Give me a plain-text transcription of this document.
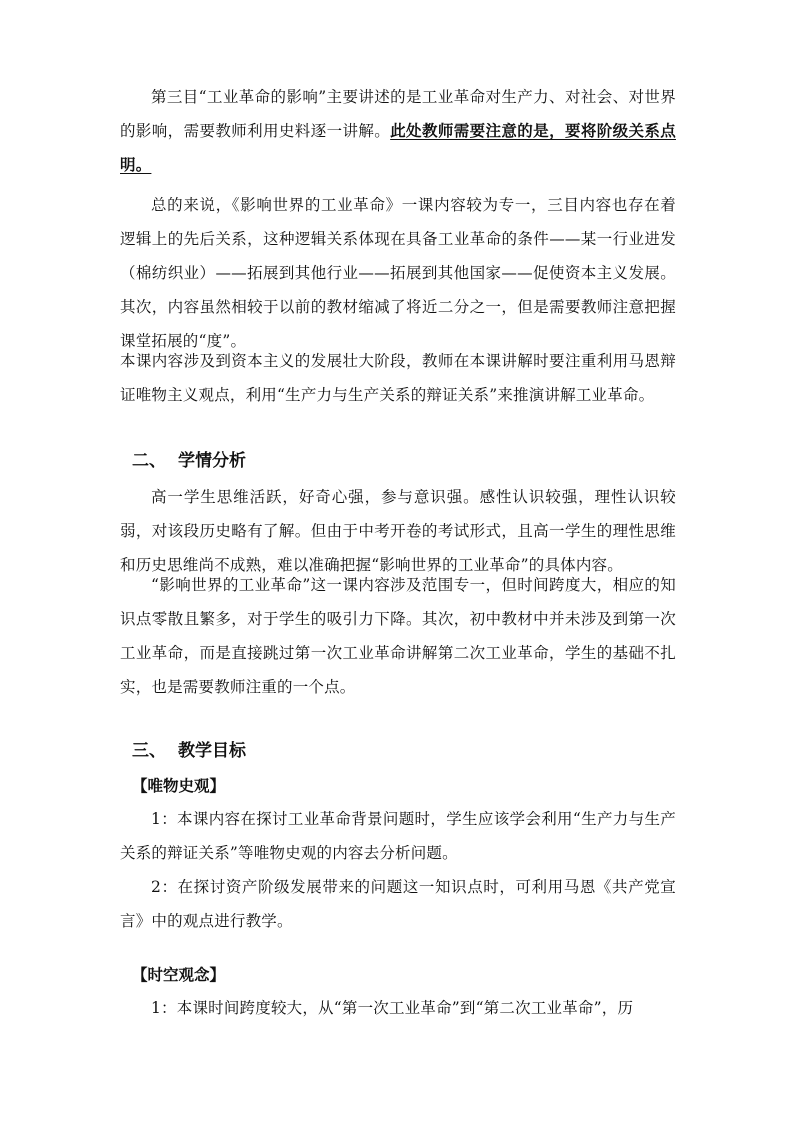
第三目“工业革命的影响”主要讲述的是工业革命对生产力、对社会、对世界的影响，需要教师利用史料逐一讲解。此处教师需要注意的是，要将阶级关系点明。

总的来说，《影响世界的工业革命》一课内容较为专一，三目内容也存在着逻辑上的先后关系，这种逻辑关系体现在具备工业革命的条件——某一行业进发（棉纺织业）——拓展到其他行业——拓展到其他国家——促使资本主义发展。其次，内容虽然相较于以前的教材缩减了将近二分之一，但是需要教师注意把握课堂拓展的“度”。

本课内容涉及到资本主义的发展壮大阶段，教师在本课讲解时要注重利用马恩辩证唯物主义观点，利用“生产力与生产关系的辩证关系”来推演讲解工业革命。

二、 学情分析

高一学生思维活跃，好奇心强，参与意识强。感性认识较强，理性认识较弱，对该段历史略有了解。但由于中考开卷的考试形式，且高一学生的理性思维和历史思维尚不成熟，难以准确把握“影响世界的工业革命”的具体内容。

“影响世界的工业革命”这一课内容涉及范围专一，但时间跨度大，相应的知识点零散且繁多，对于学生的吸引力下降。其次，初中教材中并未涉及到第一次工业革命，而是直接跳过第一次工业革命讲解第二次工业革命，学生的基础不扎实，也是需要教师注重的一个点。

三、 教学目标
【唯物史观】

1：本课内容在探讨工业革命背景问题时，学生应该学会利用“生产力与生产关系的辩证关系”等唯物史观的内容去分析问题。

2：在探讨资产阶级发展带来的问题这一知识点时，可利用马恩《共产党宣言》中的观点进行教学。

【时空观念】

1：本课时间跨度较大，从“第一次工业革命”到“第二次工业革命”，历
